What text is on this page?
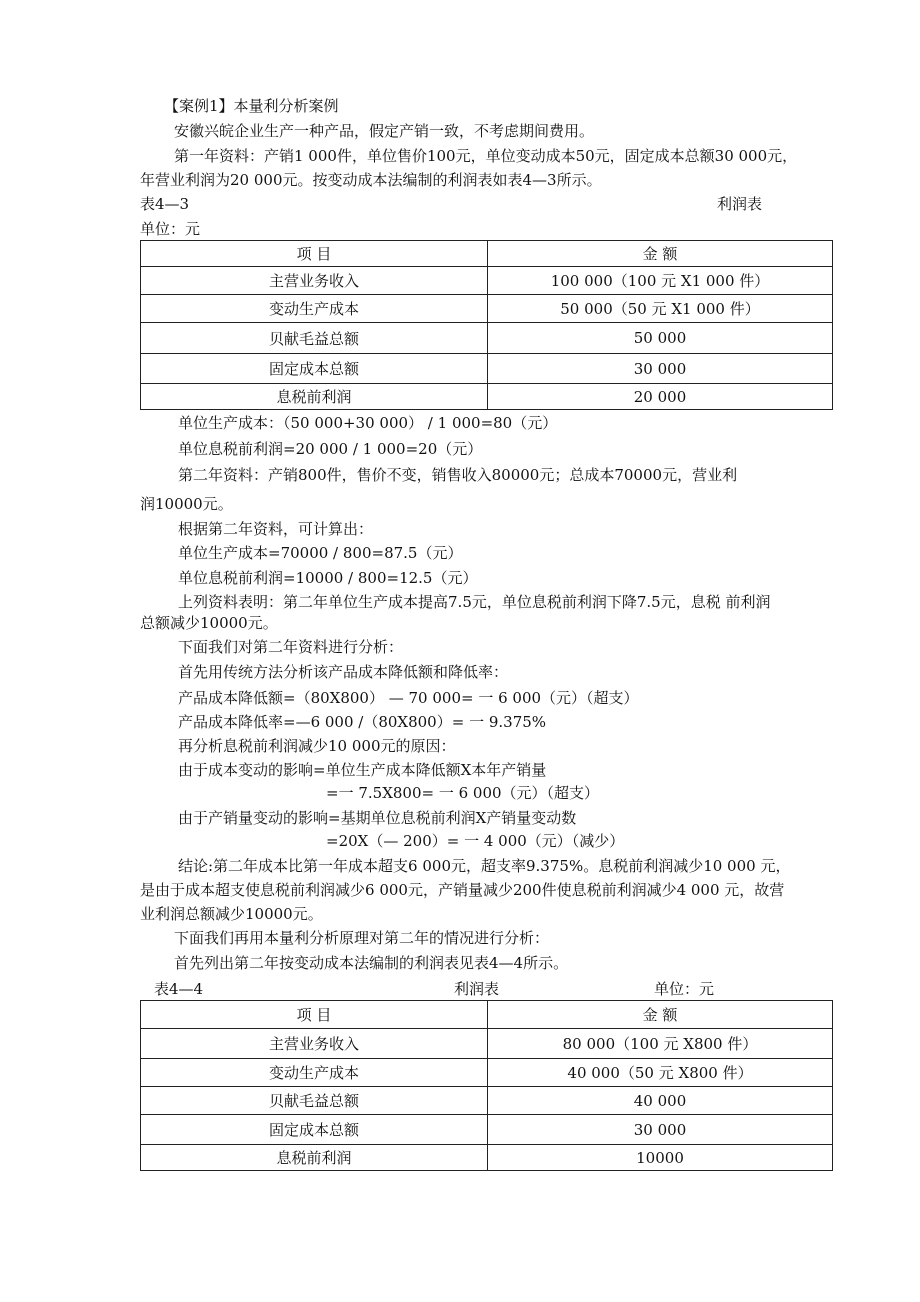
【案例1】本量利分析案例
安徽兴皖企业生产一种产品，假定产销一致，不考虑期间费用。
第一年资料：产销1 000件，单位售价100元，单位变动成本50元，固定成本总额30 000元，
年营业利润为20 000元。按变动成本法编制的利润表如表4—3所示。
表4—3	利润表
单位：元
项 目	金 额
主营业务收入	100 000（100 元 X1 000 件）
变动生产成本	50 000（50 元 X1 000 件）
贝献毛益总额	50 000
固定成本总额	30 000
息税前利润	20 000
单位生产成本：（50 000+30 000） / 1 000=80（元）
单位息税前利润=20 000 / 1 000=20（元）
第二年资料：产销800件，售价不变，销售收入80000元；总成本70000元，营业利
润10000元。
根据第二年资料，可计算出：
单位生产成本=70000 / 800=87.5（元）
单位息税前利润=10000 / 800=12.5（元）
上列资料表明：第二年单位生产成本提高7.5元，单位息税前利润下降7.5元，息税 前利润
总额减少10000元。
下面我们对第二年资料进行分析：
首先用传统方法分析该产品成本降低额和降低率：
产品成本降低额=（80X800） — 70 000= 一 6 000（元）（超支）
产品成本降低率=—6 000 /（80X800）= 一 9.375%
再分析息税前利润减少10 000元的原因：
由于成本变动的影响=单位生产成本降低额X本年产销量
=一 7.5X800= 一 6 000（元）（超支）
由于产销量变动的影响=基期单位息税前利润X产销量变动数
=20X（— 200）= 一 4 000（元）（减少）
结论:第二年成本比第一年成本超支6 000元，超支率9.375%。息税前利润减少10 000 元，
是由于成本超支使息税前利润减少6 000元，产销量减少200件使息税前利润减少4 000 元，故营
业利润总额减少10000元。
下面我们再用本量利分析原理对第二年的情况进行分析：
首先列出第二年按变动成本法编制的利润表见表4—4所示。
表4—4	利润表	单位：元
项 目	金 额
主营业务收入	80 000（100 元 X800 件）
变动生产成本	40 000（50 元 X800 件）
贝献毛益总额	40 000
固定成本总额	30 000
息税前利润	10000
